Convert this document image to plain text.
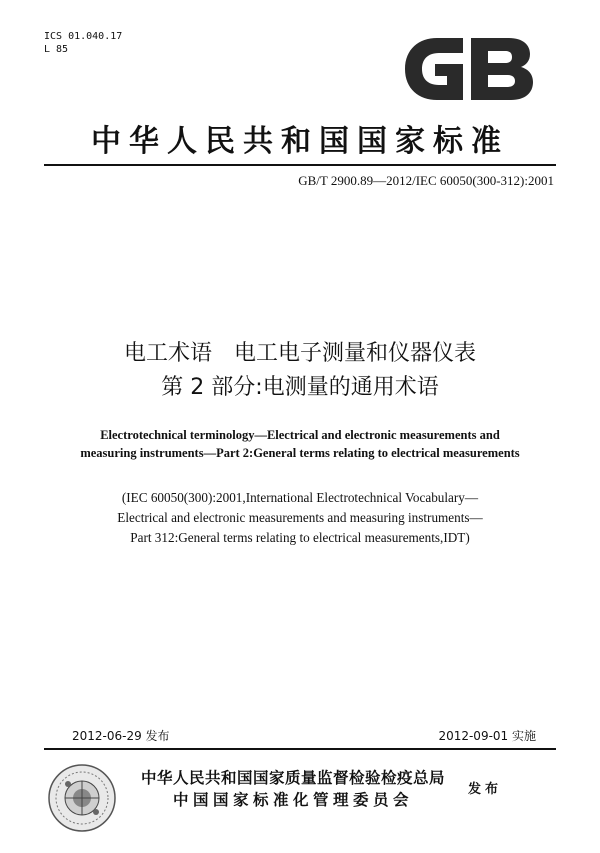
ICS 01.040.17
L 85
中华人民共和国国家标准
GB/T 2900.89—2012/IEC 60050(300-312):2001
电工术语　电工电子测量和仪器仪表
第 2 部分:电测量的通用术语
Electrotechnical terminology—Electrical and electronic measurements and
measuring instruments—Part 2:General terms relating to electrical measurements
(IEC 60050(300):2001,International Electrotechnical Vocabulary—
Electrical and electronic measurements and measuring instruments—
Part 312:General terms relating to electrical measurements,IDT)
2012-06-29 发布	2012-09-01 实施
中华人民共和国国家质量监督检验检疫总局
中国国家标准化管理委员会
发布
